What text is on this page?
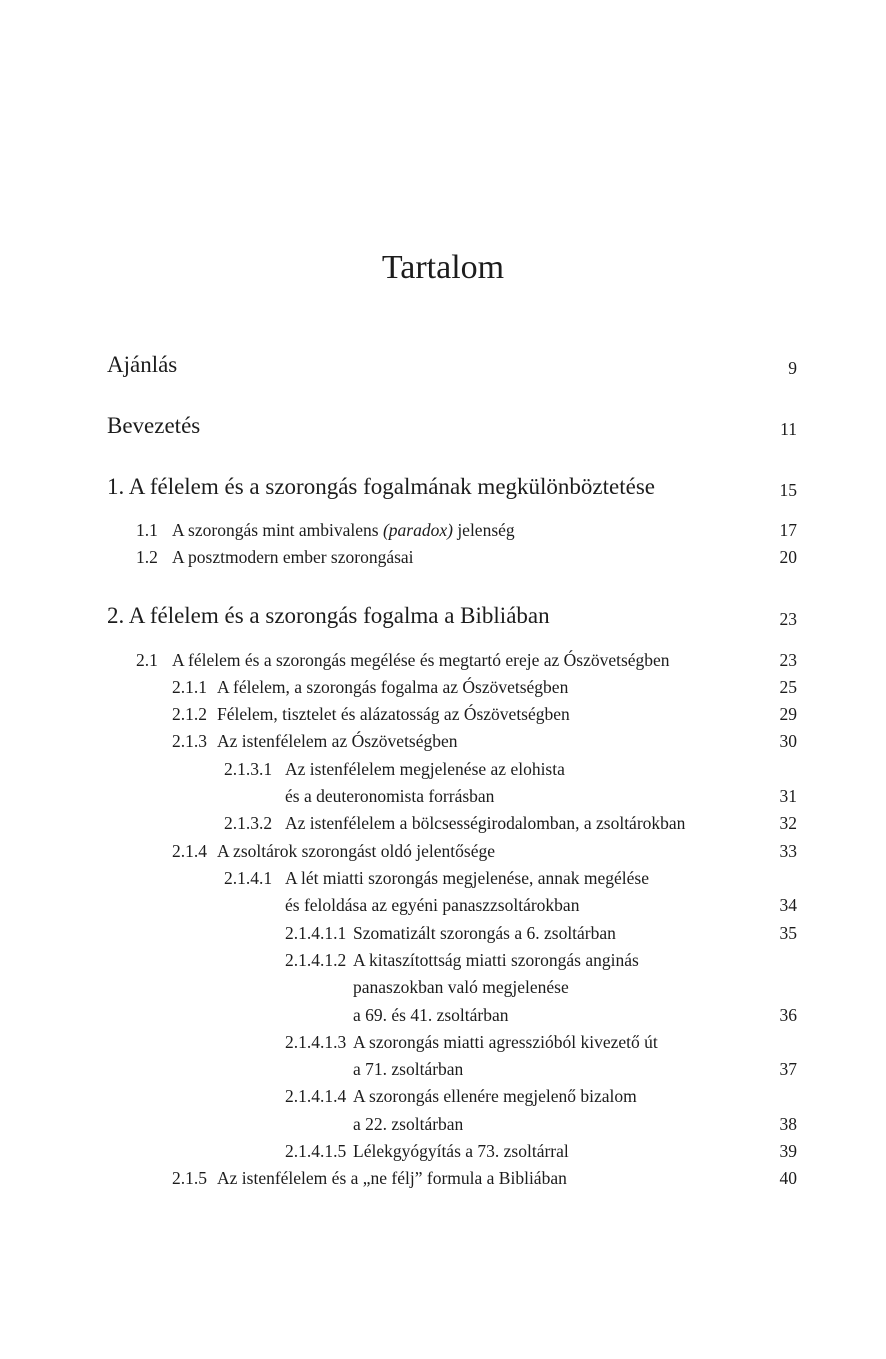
Tartalom
Ajánlás	9
Bevezetés	11
1. A félelem és a szorongás fogalmának megkülönböztetése	15
1.1 A szorongás mint ambivalens (paradox) jelenség	17
1.2 A posztmodern ember szorongásai	20
2. A félelem és a szorongás fogalma a Bibliában	23
2.1 A félelem és a szorongás megélése és megtartó ereje az Ószövetségben	23
2.1.1 A félelem, a szorongás fogalma az Ószövetségben	25
2.1.2 Félelem, tisztelet és alázatosság az Ószövetségben	29
2.1.3 Az istenfélelem az Ószövetségben	30
2.1.3.1 Az istenfélelem megjelenése az elohista
és a deuteronomista forrásban	31
2.1.3.2 Az istenfélelem a bölcsességirodalomban, a zsoltárokban	32
2.1.4 A zsoltárok szorongást oldó jelentősége	33
2.1.4.1 A lét miatti szorongás megjelenése, annak megélése
és feloldása az egyéni panaszzsoltárokban	34
2.1.4.1.1 Szomatizált szorongás a 6. zsoltárban	35
2.1.4.1.2 A kitaszítottság miatti szorongás anginás
panaszokban való megjelenése
a 69. és 41. zsoltárban	36
2.1.4.1.3 A szorongás miatti agresszióból kivezető út
a 71. zsoltárban	37
2.1.4.1.4 A szorongás ellenére megjelenő bizalom
a 22. zsoltárban	38
2.1.4.1.5 Lélekgyógyítás a 73. zsoltárral	39
2.1.5 Az istenfélelem és a „ne félj” formula a Bibliában	40
